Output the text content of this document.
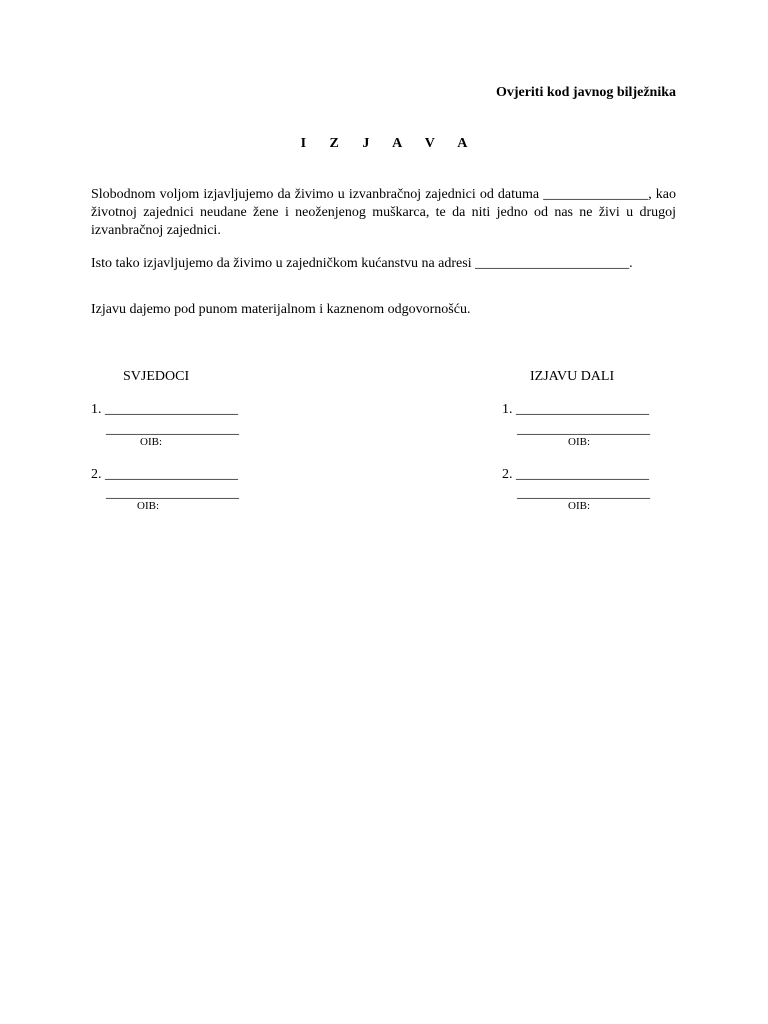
Ovjeriti kod javnog bilježnika
I Z J A V A
Slobodnom voljom izjavljujemo da živimo u izvanbračnoj zajednici od datuma _______________, kao životnoj zajednici neudane žene i neoženjenog muškarca, te da niti jedno od nas ne živi u drugoj izvanbračnoj zajednici.
Isto tako izjavljujemo da živimo u zajedničkom kućanstvu na adresi ______________________.
Izjavu dajemo pod punom materijalnom i kaznenom odgovornošću.
SVJEDOCI	IZJAVU DALI
1. ___________________
___________________
OIB:
2. ___________________
___________________
OIB:
1. ___________________
___________________
OIB:
2. ___________________
___________________
OIB:
